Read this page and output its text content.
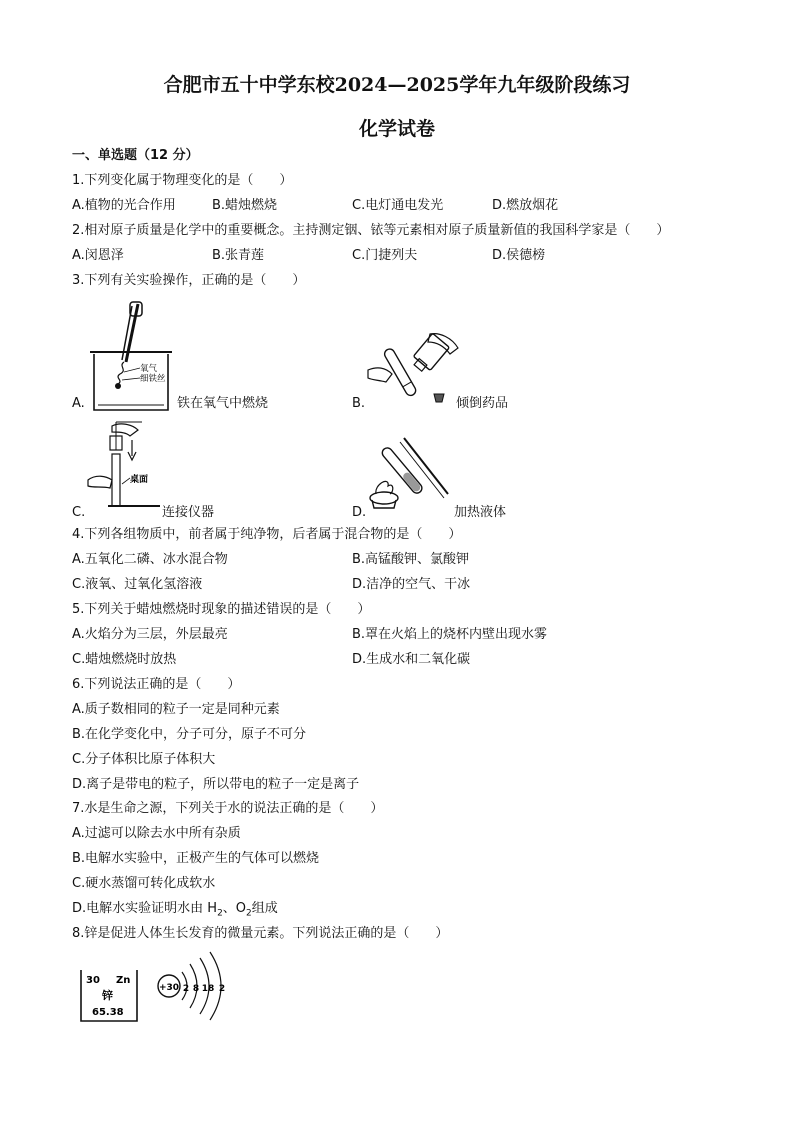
合肥市五十中学东校2024—2025学年九年级阶段练习
化学试卷
一、单选题（12 分）
1.下列变化属于物理变化的是（　　）
A.植物的光合作用	B.蜡烛燃烧	C.电灯通电发光	D.燃放烟花
2.相对原子质量是化学中的重要概念。主持测定铟、铱等元素相对原子质量新值的我国科学家是（　　）
A.闵恩泽	B.张青莲	C.门捷列夫	D.侯德榜
3.下列有关实验操作，正确的是（　　）
氧气
细铁丝
A.	铁在氧气中燃烧	B.	倾倒药品
桌面
C.	连接仪器	D.	加热液体
4.下列各组物质中，前者属于纯净物，后者属于混合物的是（　　）
A.五氧化二磷、冰水混合物	B.高锰酸钾、氯酸钾
C.液氧、过氧化氢溶液	D.洁净的空气、干冰
5.下列关于蜡烛燃烧时现象的描述错误的是（　　）
A.火焰分为三层，外层最亮	B.罩在火焰上的烧杯内壁出现水雾
C.蜡烛燃烧时放热	D.生成水和二氧化碳
6.下列说法正确的是（　　）
A.质子数相同的粒子一定是同种元素
B.在化学变化中，分子可分，原子不可分
C.分子体积比原子体积大
D.离子是带电的粒子，所以带电的粒子一定是离子
7.水是生命之源，下列关于水的说法正确的是（　　）
A.过滤可以除去水中所有杂质
B.电解水实验中，正极产生的气体可以燃烧
C.硬水蒸馏可转化成软水
D.电解水实验证明水由 $H_2$、$O_2$组成
8.锌是促进人体生长发育的微量元素。下列说法正确的是（　　）
30 Zn
锌
65.38
+30 2 8 18 2
